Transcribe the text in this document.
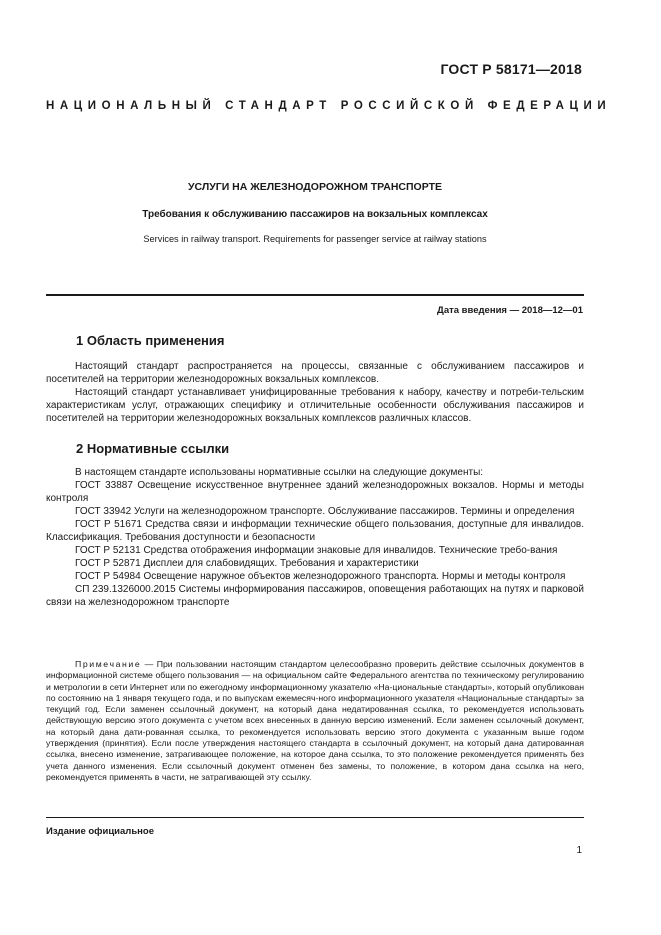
ГОСТ Р 58171—2018
НАЦИОНАЛЬНЫЙ СТАНДАРТ РОССИЙСКОЙ ФЕДЕРАЦИИ
УСЛУГИ НА ЖЕЛЕЗНОДОРОЖНОМ ТРАНСПОРТЕ
Требования к обслуживанию пассажиров на вокзальных комплексах
Services in railway transport. Requirements for passenger service at railway stations
Дата введения — 2018—12—01
1 Область применения

Настоящий стандарт распространяется на процессы, связанные с обслуживанием пассажиров и посетителей на территории железнодорожных вокзальных комплексов.

Настоящий стандарт устанавливает унифицированные требования к набору, качеству и потреби-тельским характеристикам услуг, отражающих специфику и отличительные особенности обслуживания пассажиров и посетителей на территории железнодорожных вокзальных комплексов различных классов.

2 Нормативные ссылки

В настоящем стандарте использованы нормативные ссылки на следующие документы:

ГОСТ 33887 Освещение искусственное внутреннее зданий железнодорожных вокзалов. Нормы и методы контроля

ГОСТ 33942 Услуги на железнодорожном транспорте. Обслуживание пассажиров. Термины и определения

ГОСТ Р 51671 Средства связи и информации технические общего пользования, доступные для инвалидов. Классификация. Требования доступности и безопасности

ГОСТ Р 52131 Средства отображения информации знаковые для инвалидов. Технические требо-вания

ГОСТ Р 52871 Дисплеи для слабовидящих. Требования и характеристики

ГОСТ Р 54984 Освещение наружное объектов железнодорожного транспорта. Нормы и методы контроля

СП 239.1326000.2015 Системы информирования пассажиров, оповещения работающих на путях и парковой связи на железнодорожном транспорте

Примечание — При пользовании настоящим стандартом целесообразно проверить действие ссылочных документов в информационной системе общего пользования — на официальном сайте Федерального агентства по техническому регулированию и метрологии в сети Интернет или по ежегодному информационному указателю «На-циональные стандарты», который опубликован по состоянию на 1 января текущего года, и по выпускам ежемесяч-ного информационного указателя «Национальные стандарты» за текущий год. Если заменен ссылочный документ, на который дана недатированная ссылка, то рекомендуется использовать действующую версию этого документа с учетом всех внесенных в данную версию изменений. Если заменен ссылочный документ, на который дана дати-рованная ссылка, то рекомендуется использовать версию этого документа с указанным выше годом утверждения (принятия). Если после утверждения настоящего стандарта в ссылочный документ, на который дана датированная ссылка, внесено изменение, затрагивающее положение, на которое дана ссылка, то это положение рекомендуется применять без учета данного изменения. Если ссылочный документ отменен без замены, то положение, в котором дана ссылка на него, рекомендуется применять в части, не затрагивающей эту ссылку.

Издание официальное
1
